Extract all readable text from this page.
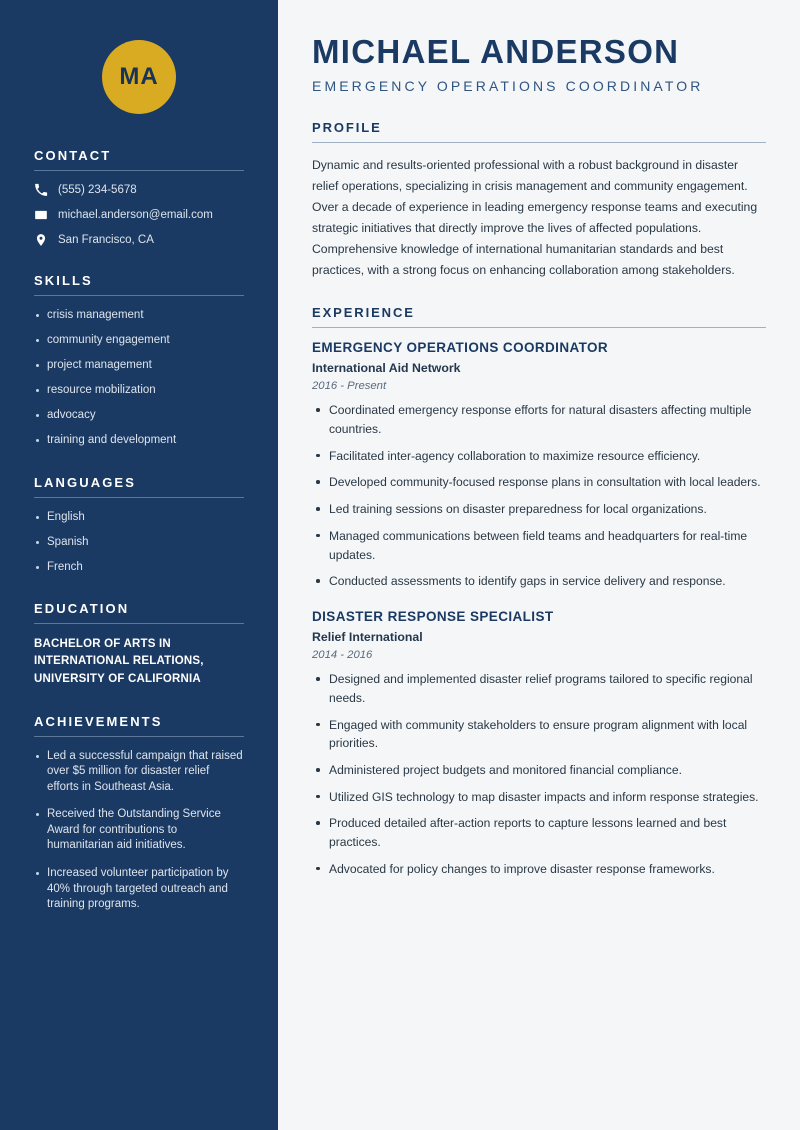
MA
CONTACT
(555) 234-5678
michael.anderson@email.com
San Francisco, CA
SKILLS
crisis management
community engagement
project management
resource mobilization
advocacy
training and development
LANGUAGES
English
Spanish
French
EDUCATION
BACHELOR OF ARTS IN INTERNATIONAL RELATIONS, UNIVERSITY OF CALIFORNIA
ACHIEVEMENTS
Led a successful campaign that raised over $5 million for disaster relief efforts in Southeast Asia.
Received the Outstanding Service Award for contributions to humanitarian aid initiatives.
Increased volunteer participation by 40% through targeted outreach and training programs.
MICHAEL ANDERSON
EMERGENCY OPERATIONS COORDINATOR
PROFILE

Dynamic and results-oriented professional with a robust background in disaster relief operations, specializing in crisis management and community engagement. Over a decade of experience in leading emergency response teams and executing strategic initiatives that directly improve the lives of affected populations. Comprehensive knowledge of international humanitarian standards and best practices, with a strong focus on enhancing collaboration among stakeholders.

EXPERIENCE
EMERGENCY OPERATIONS COORDINATOR
International Aid Network
2016 - Present
Coordinated emergency response efforts for natural disasters affecting multiple countries.
Facilitated inter-agency collaboration to maximize resource efficiency.
Developed community-focused response plans in consultation with local leaders.
Led training sessions on disaster preparedness for local organizations.
Managed communications between field teams and headquarters for real-time updates.
Conducted assessments to identify gaps in service delivery and response.
DISASTER RESPONSE SPECIALIST
Relief International
2014 - 2016
Designed and implemented disaster relief programs tailored to specific regional needs.
Engaged with community stakeholders to ensure program alignment with local priorities.
Administered project budgets and monitored financial compliance.
Utilized GIS technology to map disaster impacts and inform response strategies.
Produced detailed after-action reports to capture lessons learned and best practices.
Advocated for policy changes to improve disaster response frameworks.
